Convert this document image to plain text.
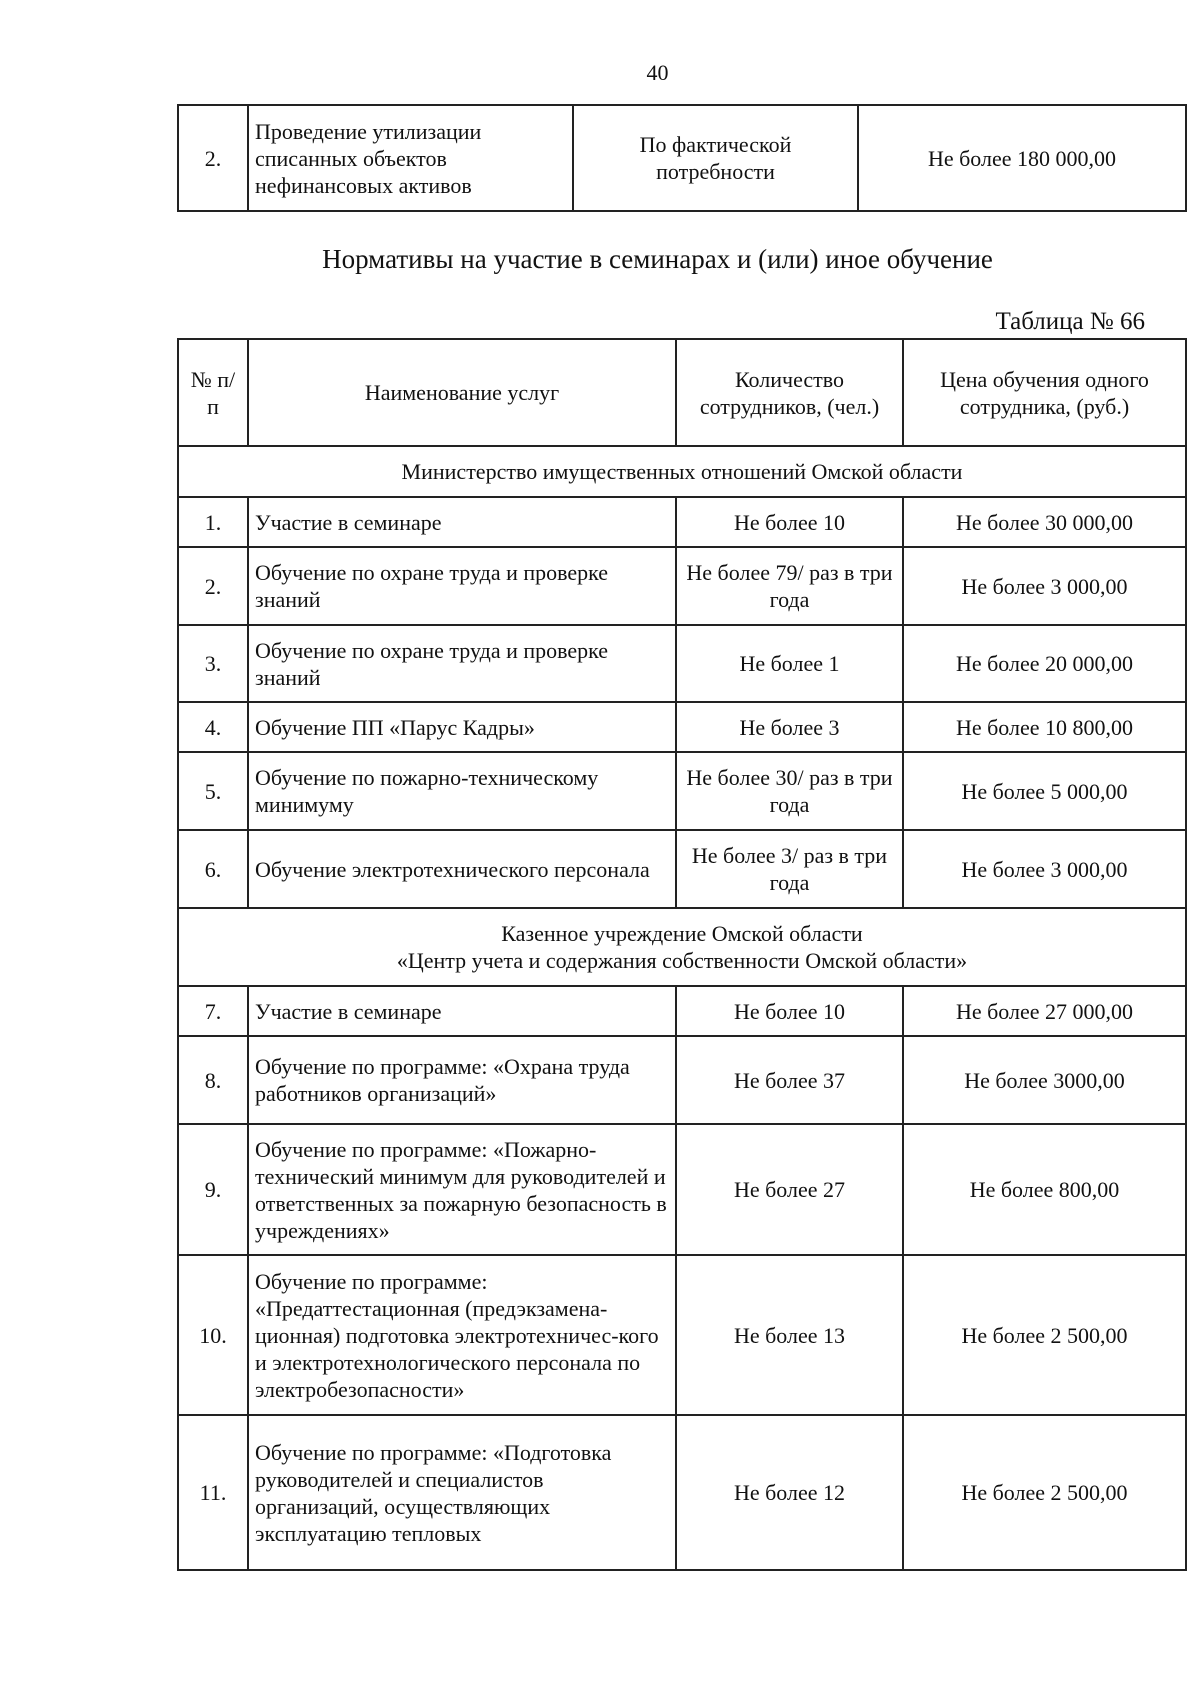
40
2.	Проведение утилизации списанных объектов нефинансовых активов	По фактической потребности	Не более 180 000,00
Нормативы на участие в семинарах и (или) иное обучение
Таблица № 66
№ п/п	Наименование услуг	Количество сотрудников, (чел.)	Цена обучения одного сотрудника, (руб.)

Министерство имущественных отношений Омской области			

1.	Участие в семинаре	Не более 10	Не более 30 000,00
2.	Обучение по охране труда и проверке знаний	Не более 79/ раз в три года	Не более 3 000,00
3.	Обучение по охране труда и проверке знаний	Не более 1	Не более 20 000,00
4.	Обучение ПП «Парус Кадры»	Не более 3	Не более 10 800,00
5.	Обучение по пожарно-техническому минимуму	Не более 30/ раз в три года	Не более 5 000,00
6.	Обучение электротехнического персонала	Не более 3/ раз в три года	Не более 3 000,00

Казенное учреждение Омской области
«Центр учета и содержания собственности Омской области»			

7.	Участие в семинаре	Не более 10	Не более 27 000,00
8.	Обучение по программе: «Охрана труда работников организаций»	Не более 37	Не более 3000,00
9.	Обучение по программе: «Пожарно-технический минимум для руководителей и ответственных за пожарную безопасность в учреждениях»	Не более 27	Не более 800,00
10.	Обучение по программе: «Предаттестационная (предэкзамена-ционная) подготовка электротехничес-кого и электротехнологического персонала по электробезопасности»	Не более 13	Не более 2 500,00
11.	Обучение по программе: «Подготовка руководителей и специалистов организаций, осуществляющих эксплуатацию тепловых	Не более 12	Не более 2 500,00
